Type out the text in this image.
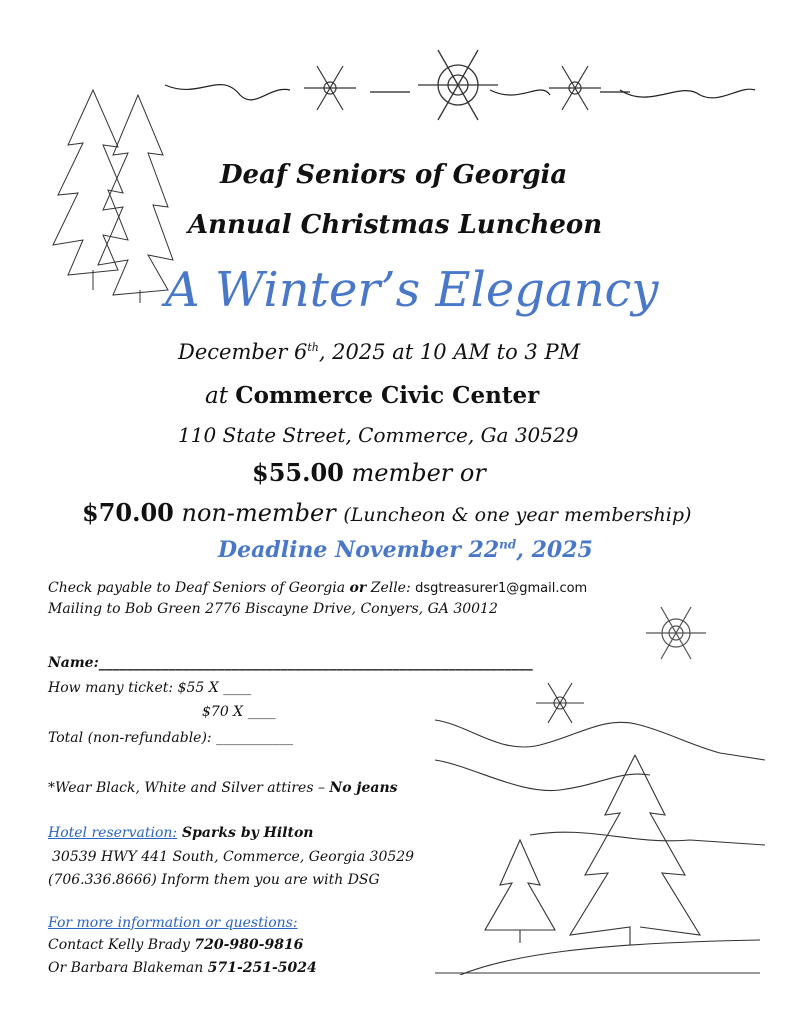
Deaf Seniors of Georgia
Annual Christmas Luncheon
A Winter’s Elegancy
December 6th, 2025 at 10 AM to 3 PM
at Commerce Civic Center
110 State Street, Commerce, Ga 30529
$55.00 member or
$70.00 non-member (Luncheon & one year membership)
Deadline November 22nd, 2025
Check payable to Deaf Seniors of Georgia or Zelle: dsgtreasurer1@gmail.com
Mailing to Bob Green 2776 Biscayne Drive, Conyers, GA 30012
Name:______________________________________________________________
How many ticket: $55 X ____
$70 X ____
Total (non-refundable): ___________
*Wear Black, White and Silver attires – No jeans
Hotel reservation: Sparks by Hilton
30539 HWY 441 South, Commerce, Georgia 30529
(706.336.8666) Inform them you are with DSG
For more information or questions:
Contact Kelly Brady 720-980-9816
Or Barbara Blakeman 571-251-5024
